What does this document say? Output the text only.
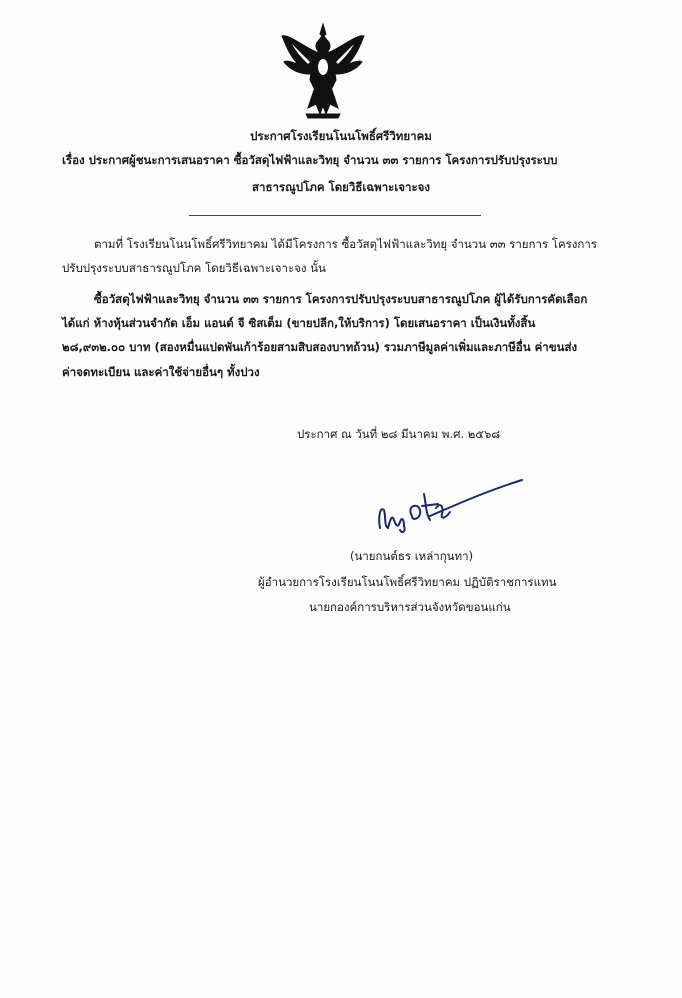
ประกาศโรงเรียนโนนโพธิ์ศรีวิทยาคม
เรื่อง ประกาศผู้ชนะการเสนอราคา ซื้อวัสดุไฟฟ้าและวิทยุ จำนวน ๓๓ รายการ โครงการปรับปรุงระบบ
สาธารณูปโภค โดยวิธีเฉพาะเจาะจง
ตามที่ โรงเรียนโนนโพธิ์ศรีวิทยาคม ได้มีโครงการ ซื้อวัสดุไฟฟ้าและวิทยุ จำนวน ๓๓ รายการ โครงการ
ปรับปรุงระบบสาธารณูปโภค โดยวิธีเฉพาะเจาะจง นั้น
ซื้อวัสดุไฟฟ้าและวิทยุ จำนวน ๓๓ รายการ โครงการปรับปรุงระบบสาธารณูปโภค ผู้ได้รับการคัดเลือก
ได้แก่ ห้างหุ้นส่วนจำกัด เอ็ม แอนด์ จี ซิสเต็ม (ขายปลีก,ให้บริการ) โดยเสนอราคา เป็นเงินทั้งสิ้น
๒๘,๙๓๒.๐๐ บาท (สองหมื่นแปดพันเก้าร้อยสามสิบสองบาทถ้วน) รวมภาษีมูลค่าเพิ่มและภาษีอื่น ค่าขนส่ง
ค่าจดทะเบียน และค่าใช้จ่ายอื่นๆ ทั้งปวง
ประกาศ ณ วันที่ ๒๘ มีนาคม พ.ศ. ๒๕๖๘
(นายกนต์ธร เหล่ากุนทา)
ผู้อำนวยการโรงเรียนโนนโพธิ์ศรีวิทยาคม ปฏิบัติราชการแทน
นายกองค์การบริหารส่วนจังหวัดขอนแก่น
